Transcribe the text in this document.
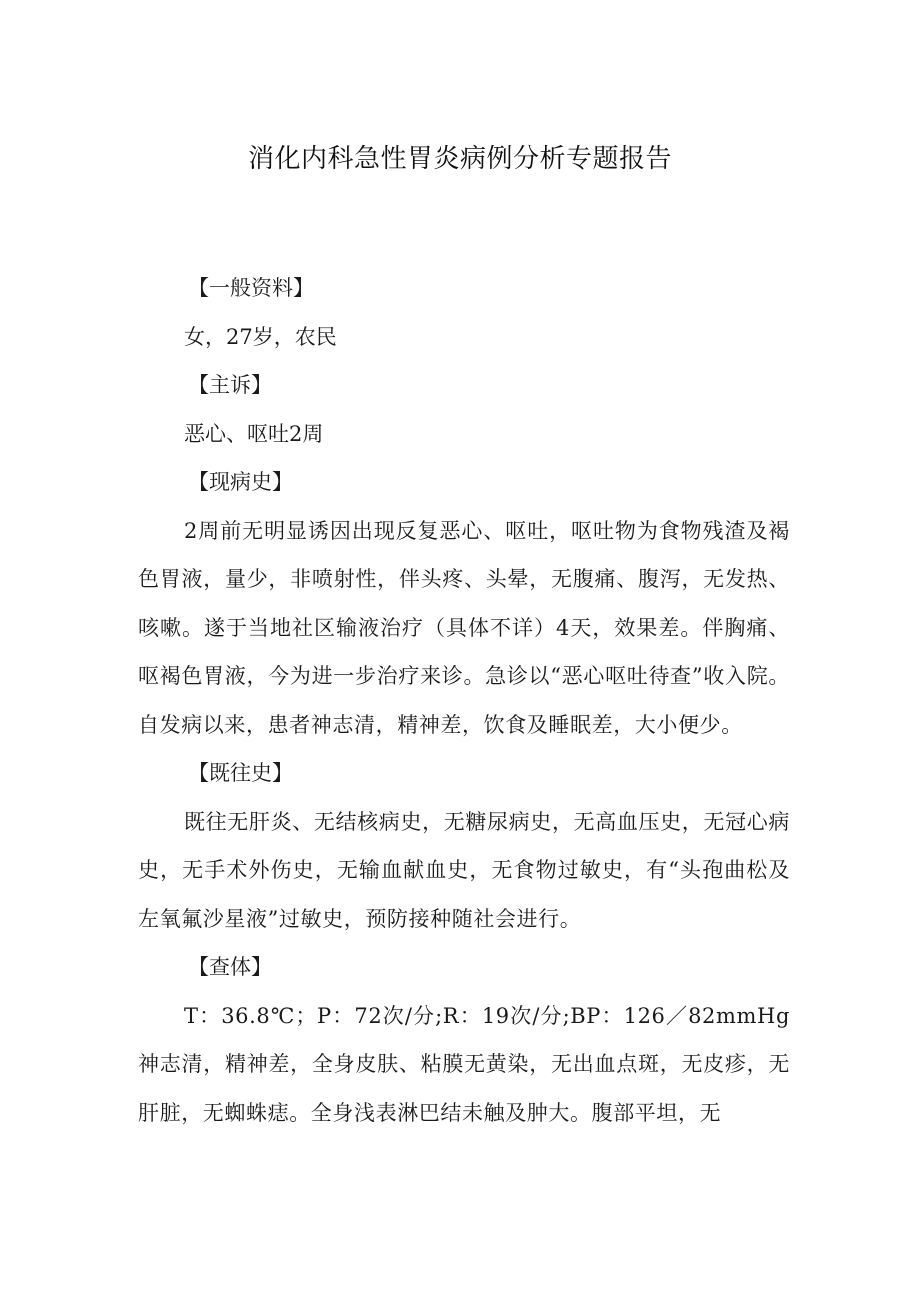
消化内科急性胃炎病例分析专题报告

【一般资料】

女，27岁，农民

【主诉】

恶心、呕吐2周

【现病史】

2周前无明显诱因出现反复恶心、呕吐，呕吐物为食物残渣及褐色胃液，量少，非喷射性，伴头疼、头晕，无腹痛、腹泻，无发热、咳嗽。遂于当地社区输液治疗（具体不详）4天，效果差。伴胸痛、呕褐色胃液，今为进一步治疗来诊。急诊以“恶心呕吐待查”收入院。自发病以来，患者神志清，精神差，饮食及睡眠差，大小便少。

【既往史】

既往无肝炎、无结核病史，无糖尿病史，无高血压史，无冠心病史，无手术外伤史，无输血献血史，无食物过敏史，有“头孢曲松及左氧氟沙星液”过敏史，预防接种随社会进行。

【查体】

T：36.8℃；P：72次/分;R：19次/分;BP：126／82mmHg神志清，精神差，全身皮肤、粘膜无黄染，无出血点斑，无皮疹，无肝脏，无蜘蛛痣。全身浅表淋巴结未触及肿大。腹部平坦，无
